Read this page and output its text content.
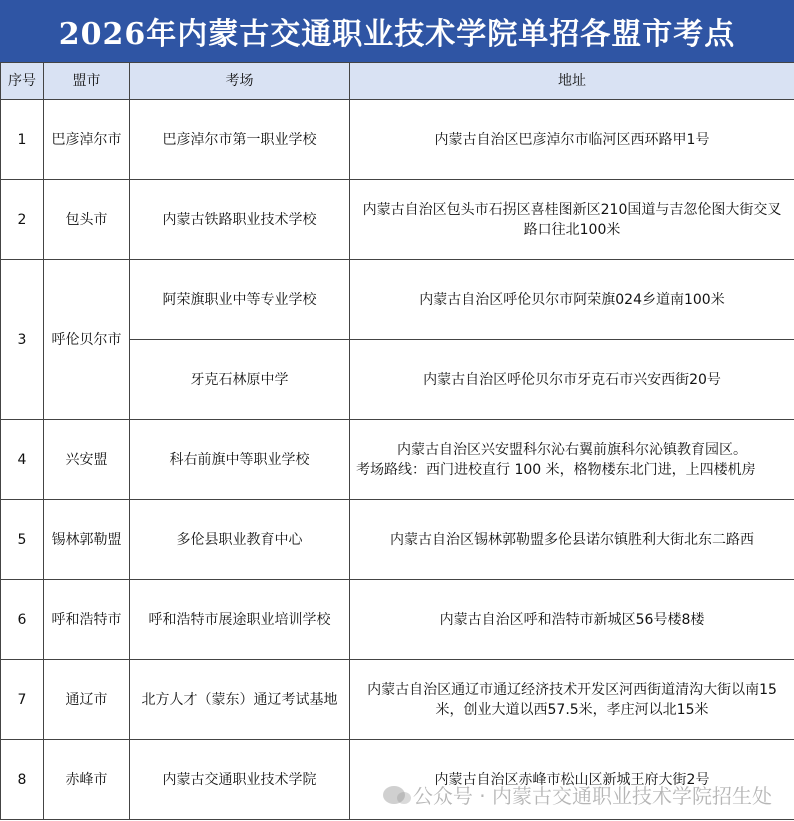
2026年内蒙古交通职业技术学院单招各盟市考点
序号	盟市	考场	地址
1	巴彦淖尔市	巴彦淖尔市第一职业学校	内蒙古自治区巴彦淖尔市临河区西环路甲1号
2	包头市	内蒙古铁路职业技术学校	内蒙古自治区包头市石拐区喜桂图新区210国道与吉忽伦图大街交叉路口往北100米
3	呼伦贝尔市	阿荣旗职业中等专业学校	内蒙古自治区呼伦贝尔市阿荣旗024乡道南100米
		牙克石林原中学	内蒙古自治区呼伦贝尔市牙克石市兴安西街20号
4	兴安盟	科右前旗中等职业学校	内蒙古自治区兴安盟科尔沁右翼前旗科尔沁镇教育园区。
考场路线：西门进校直行 100 米，格物楼东北门进，上四楼机房

5	锡林郭勒盟	多伦县职业教育中心	内蒙古自治区锡林郭勒盟多伦县诺尔镇胜利大街北东二路西
6	呼和浩特市	呼和浩特市展途职业培训学校	内蒙古自治区呼和浩特市新城区56号楼8楼
7	通辽市	北方人才（蒙东）通辽考试基地	内蒙古自治区通辽市通辽经济技术开发区河西街道清沟大街以南15米，创业大道以西57.5米，孝庄河以北15米
8	赤峰市	内蒙古交通职业技术学院	内蒙古自治区赤峰市松山区新城王府大街2号
公众号 · 内蒙古交通职业技术学院招生处
